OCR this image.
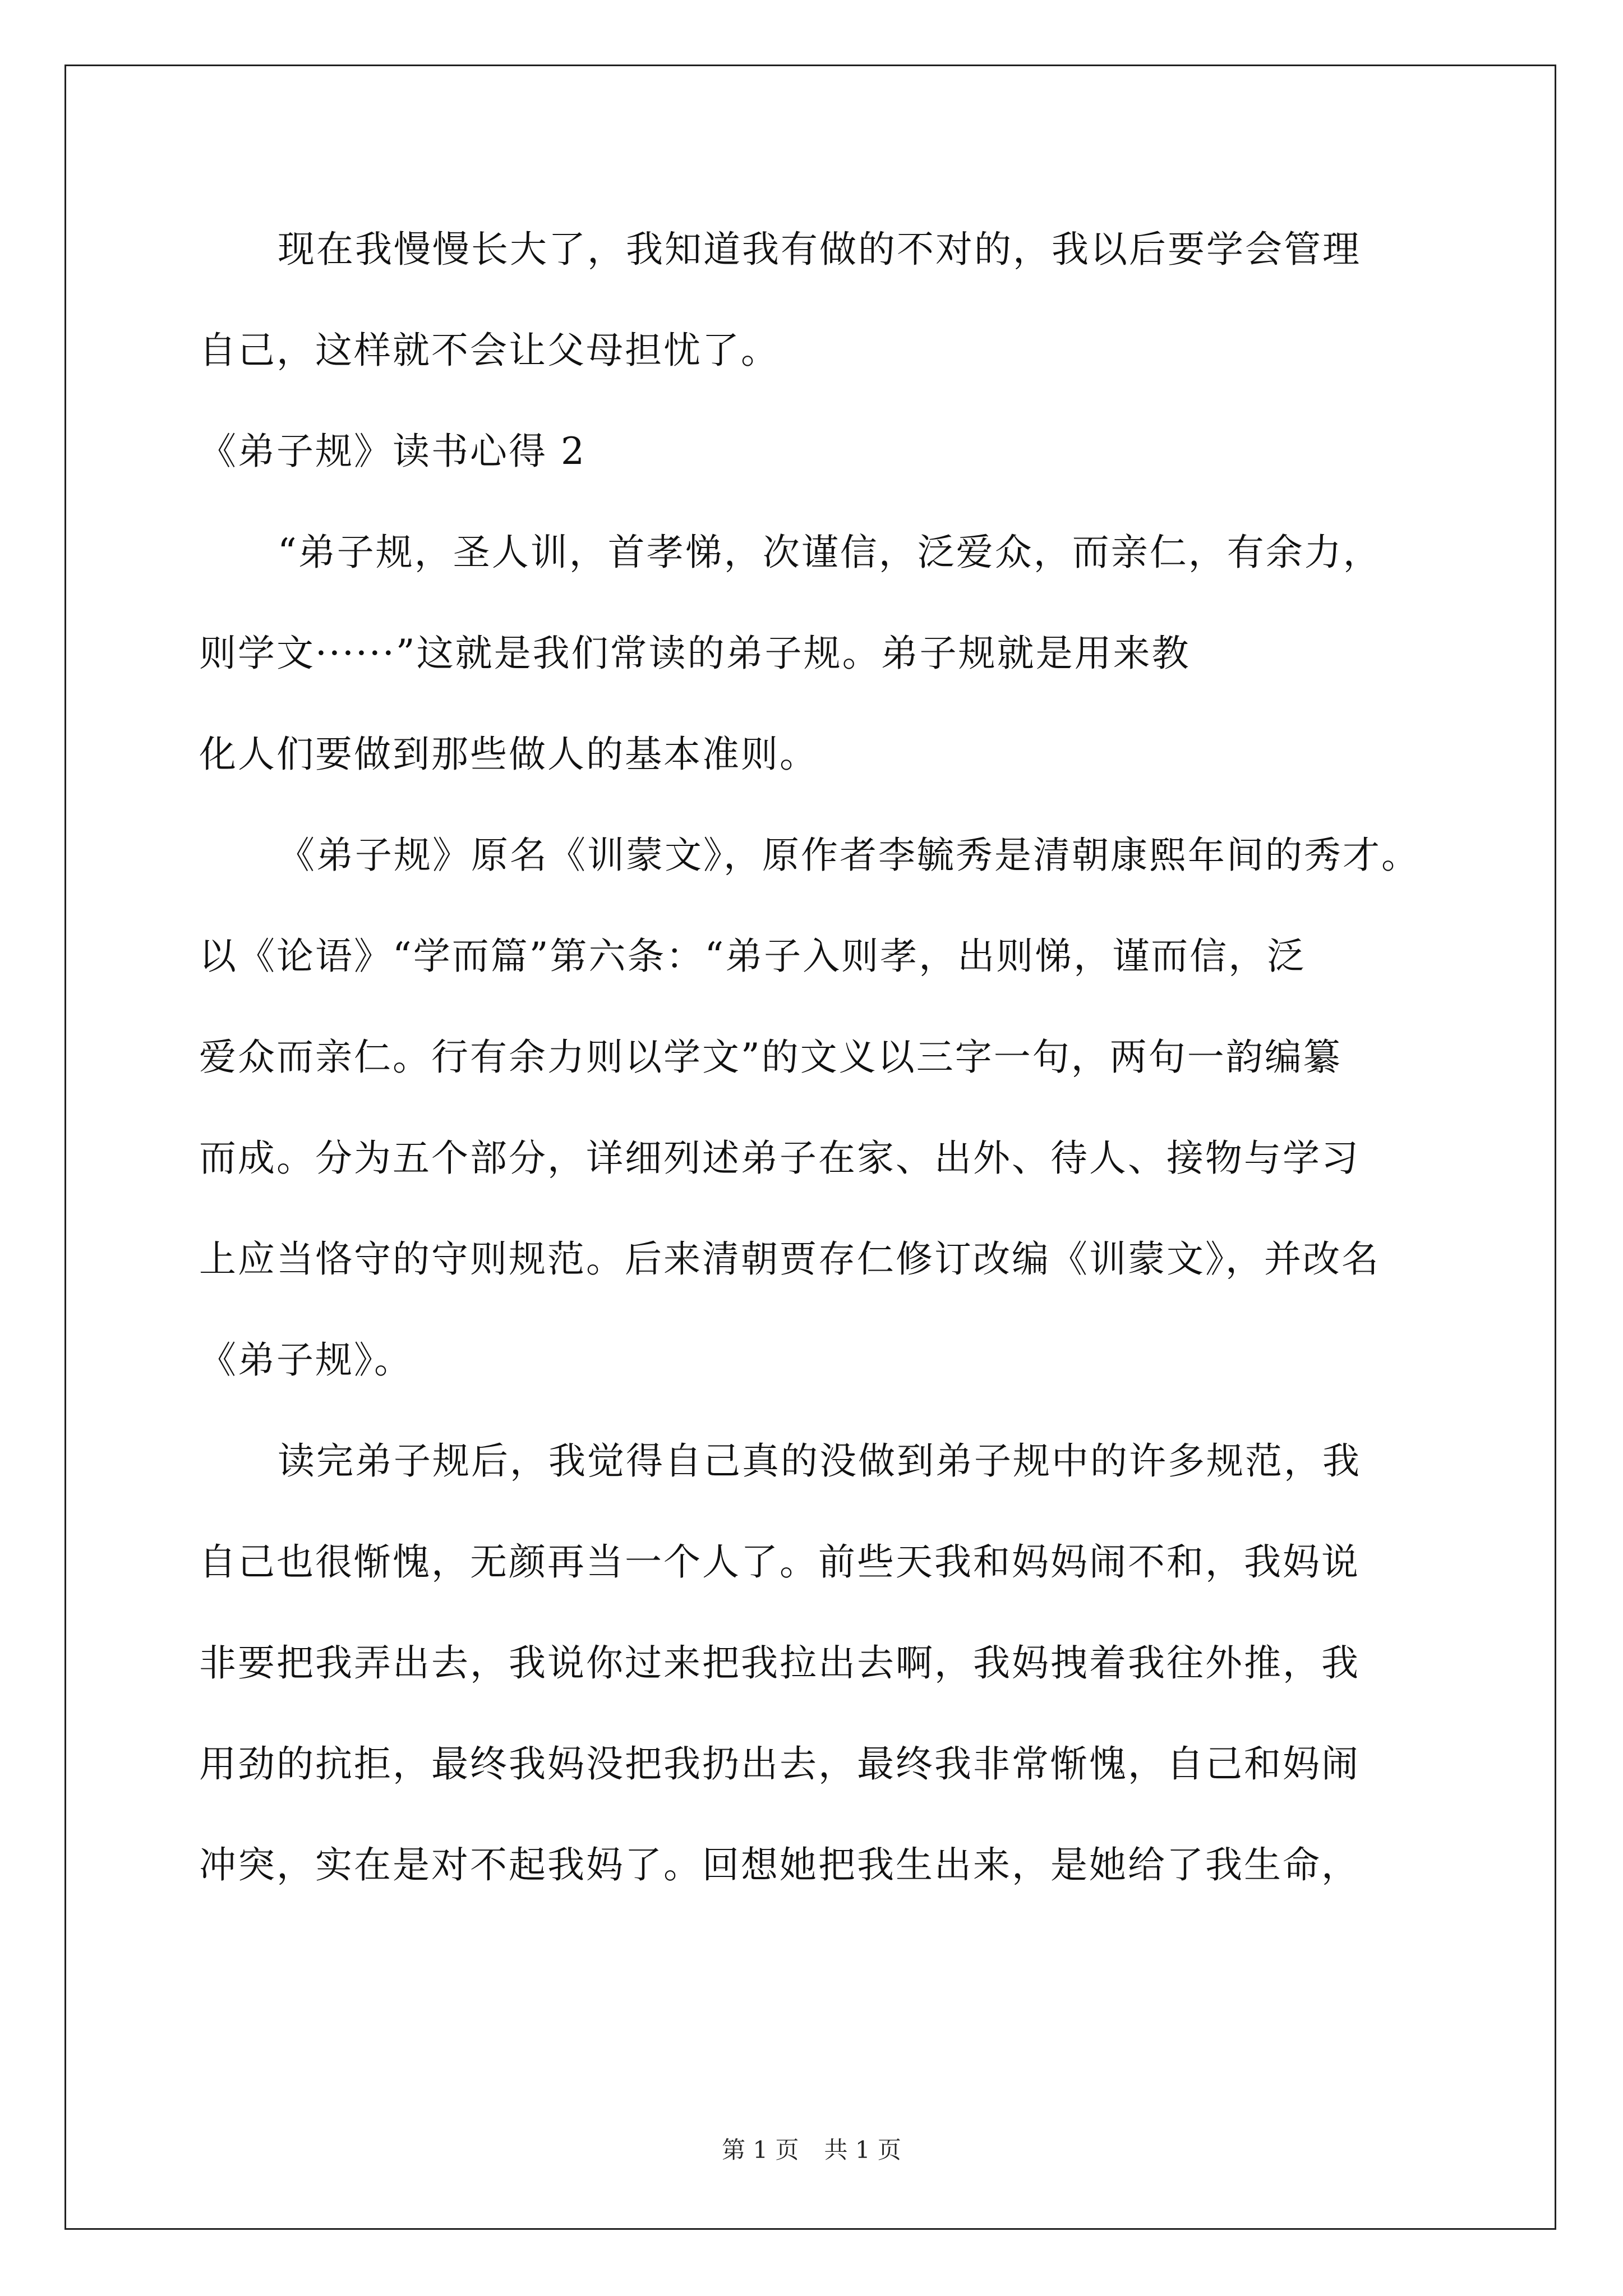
现在我慢慢长大了，我知道我有做的不对的，我以后要学会管理
自己，这样就不会让父母担忧了。
《弟子规》读书心得 2
“弟子规，圣人训，首孝悌，次谨信，泛爱众，而亲仁，有余力，
则学文······”这就是我们常读的弟子规。弟子规就是用来教
化人们要做到那些做人的基本准则。
《弟子规》原名《训蒙文》，原作者李毓秀是清朝康熙年间的秀才。
以《论语》“学而篇”第六条：“弟子入则孝，出则悌，谨而信，泛
爱众而亲仁。行有余力则以学文”的文义以三字一句，两句一韵编纂
而成。分为五个部分，详细列述弟子在家、出外、待人、接物与学习
上应当恪守的守则规范。后来清朝贾存仁修订改编《训蒙文》，并改名
《弟子规》。
读完弟子规后，我觉得自己真的没做到弟子规中的许多规范，我
自己也很惭愧，无颜再当一个人了。前些天我和妈妈闹不和，我妈说
非要把我弄出去，我说你过来把我拉出去啊，我妈拽着我往外推，我
用劲的抗拒，最终我妈没把我扔出去，最终我非常惭愧，自己和妈闹
冲突，实在是对不起我妈了。回想她把我生出来，是她给了我生命，
第 1 页 共 1 页
